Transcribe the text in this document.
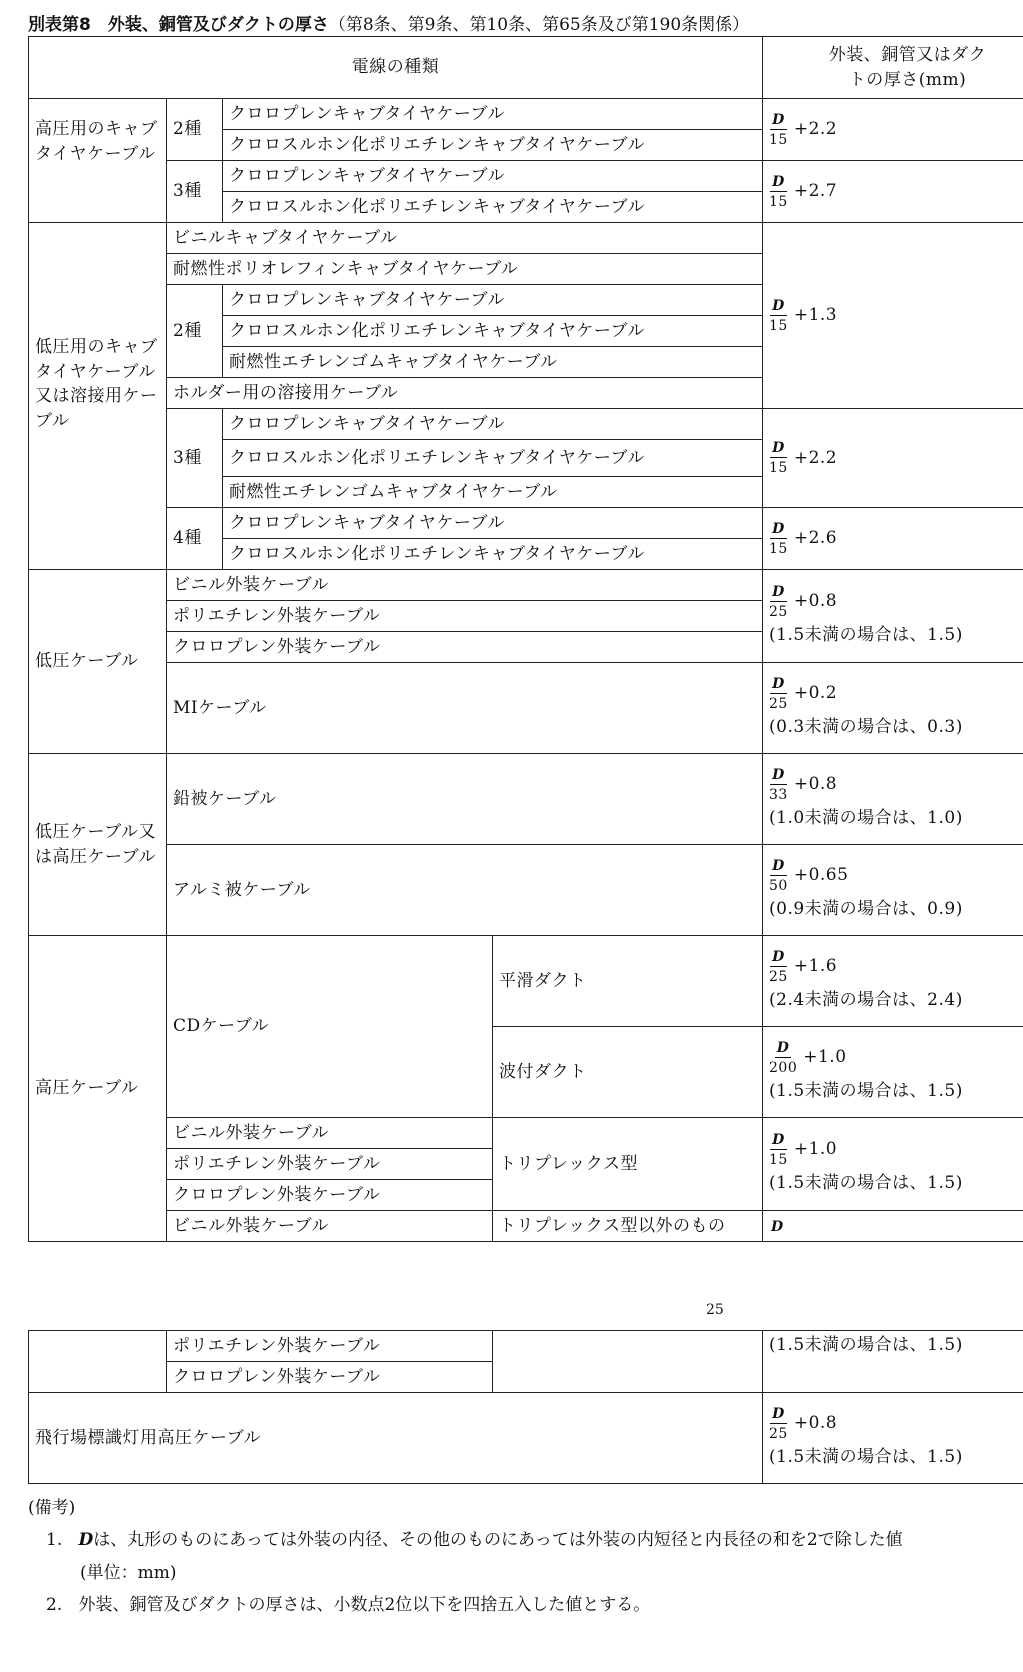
別表第8　外装、銅管及びダクトの厚さ（第8条、第9条、第10条、第65条及び第190条関係）
電線の種類				外装、銅管又はダクトの厚さ(mm)
高圧用のキャブタイヤケーブル	2種	クロロプレンキャブタイヤケーブル		$\frac{D}{15} +2.2$
		クロロスルホン化ポリエチレンキャブタイヤケーブル		
	3種	クロロプレンキャブタイヤケーブル		$\frac{D}{15} +2.7$
		クロロスルホン化ポリエチレンキャブタイヤケーブル		
低圧用のキャブタイヤケーブル又は溶接用ケーブル	ビニルキャブタイヤケーブル			$\frac{D}{15} +1.3$
	耐燃性ポリオレフィンキャブタイヤケーブル			
	2種	クロロプレンキャブタイヤケーブル		
		クロロスルホン化ポリエチレンキャブタイヤケーブル		
		耐燃性エチレンゴムキャブタイヤケーブル		
	ホルダー用の溶接用ケーブル			
	3種	クロロプレンキャブタイヤケーブル		$\frac{D}{15} +2.2$
		クロロスルホン化ポリエチレンキャブタイヤケーブル		
		耐燃性エチレンゴムキャブタイヤケーブル		
	4種	クロロプレンキャブタイヤケーブル		$\frac{D}{15} +2.6$
		クロロスルホン化ポリエチレンキャブタイヤケーブル		
低圧ケーブル	ビニル外装ケーブル			$\frac{D}{25} +0.8$
(1.5未満の場合は、1.5)

	ポリエチレン外装ケーブル			
	クロロプレン外装ケーブル			
	MIケーブル			$\frac{D}{25} +0.2$
(0.3未満の場合は、0.3)

低圧ケーブル又は高圧ケーブル	鉛被ケーブル			$\frac{D}{33} +0.8$
(1.0未満の場合は、1.0)

	アルミ被ケーブル			$\frac{D}{50} +0.65$
(0.9未満の場合は、0.9)

高圧ケーブル	CDケーブル		平滑ダクト	$\frac{D}{25} +1.6$
(2.4未満の場合は、2.4)

			波付ダクト	$\frac{D}{200} +1.0$
(1.5未満の場合は、1.5)

	ビニル外装ケーブル		トリプレックス型	$\frac{D}{15} +1.0$
(1.5未満の場合は、1.5)

	ポリエチレン外装ケーブル			
	クロロプレン外装ケーブル			
	ビニル外装ケーブル		トリプレックス型以外のもの	D
25
	ポリエチレン外装ケーブル		(1.5未満の場合は、1.5)
	クロロプレン外装ケーブル		
飛行場標識灯用高圧ケーブル			$\frac{D}{25} +0.8$
(1.5未満の場合は、1.5)
(備考)
1. Dは、丸形のものにあっては外装の内径、その他のものにあっては外装の内短径と内長径の和を2で除した値
(単位：mm)
2. 外装、銅管及びダクトの厚さは、小数点2位以下を四捨五入した値とする。
